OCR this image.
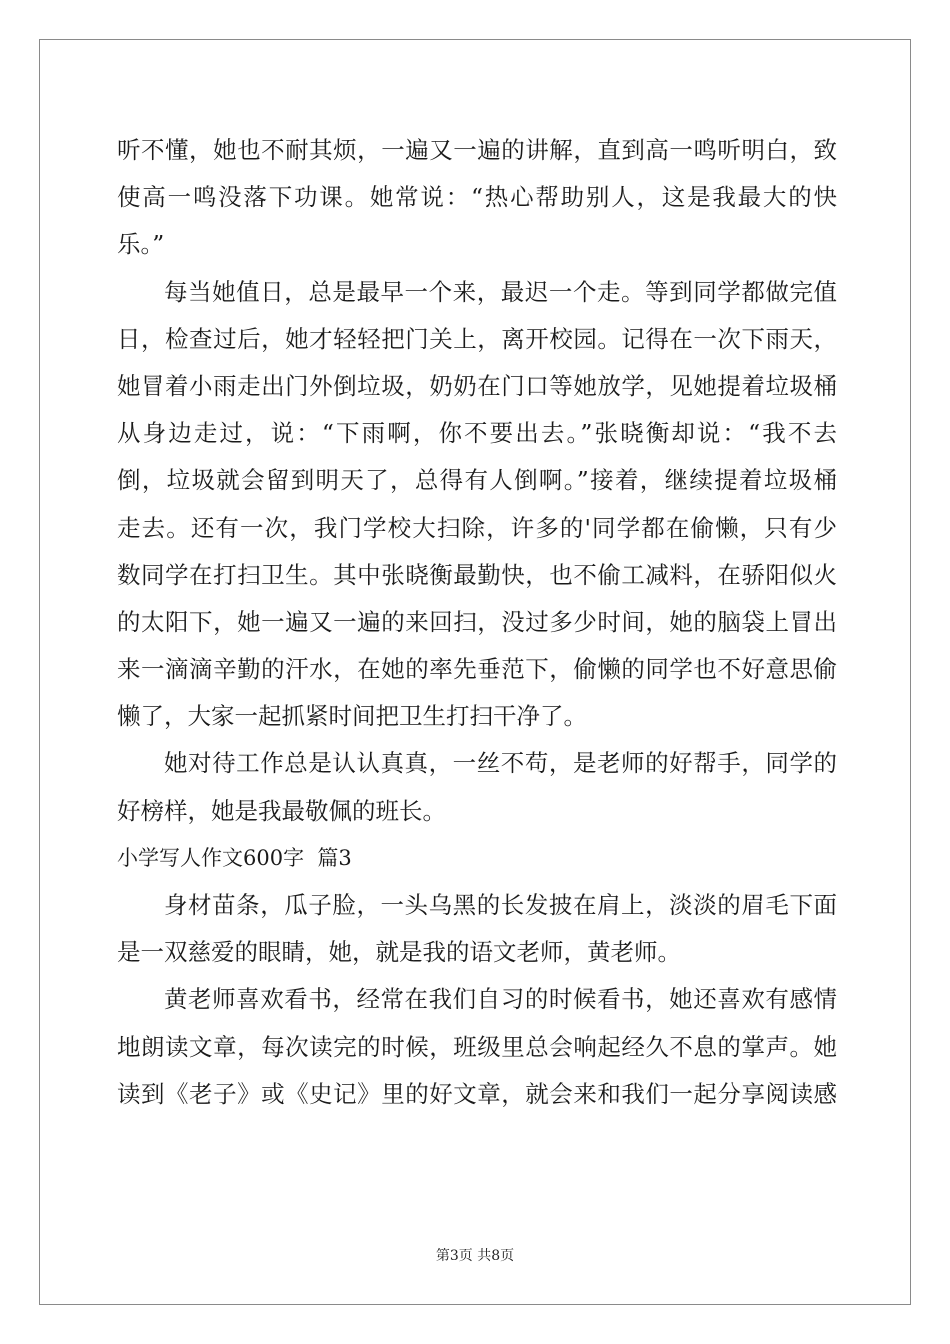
听不懂，她也不耐其烦，一遍又一遍的讲解，直到高一鸣听明白，致
使高一鸣没落下功课。她常说：“热心帮助别人，这是我最大的快
乐。”
每当她值日，总是最早一个来，最迟一个走。等到同学都做完值
日，检查过后，她才轻轻把门关上，离开校园。记得在一次下雨天，
她冒着小雨走出门外倒垃圾，奶奶在门口等她放学，见她提着垃圾桶
从身边走过，说：“下雨啊，你不要出去。”张晓衡却说：“我不去
倒，垃圾就会留到明天了，总得有人倒啊。”接着，继续提着垃圾桶
走去。还有一次，我门学校大扫除，许多的'同学都在偷懒，只有少
数同学在打扫卫生。其中张晓衡最勤快，也不偷工减料，在骄阳似火
的太阳下，她一遍又一遍的来回扫，没过多少时间，她的脑袋上冒出
来一滴滴辛勤的汗水，在她的率先垂范下，偷懒的同学也不好意思偷
懒了，大家一起抓紧时间把卫生打扫干净了。
她对待工作总是认认真真，一丝不苟，是老师的好帮手，同学的
好榜样，她是我最敬佩的班长。
小学写人作文600字  篇3
身材苗条，瓜子脸，一头乌黑的长发披在肩上，淡淡的眉毛下面
是一双慈爱的眼睛，她，就是我的语文老师，黄老师。
黄老师喜欢看书，经常在我们自习的时候看书，她还喜欢有感情
地朗读文章，每次读完的时候，班级里总会响起经久不息的掌声。她
读到《老子》或《史记》里的好文章，就会来和我们一起分享阅读感
第3页 共8页
